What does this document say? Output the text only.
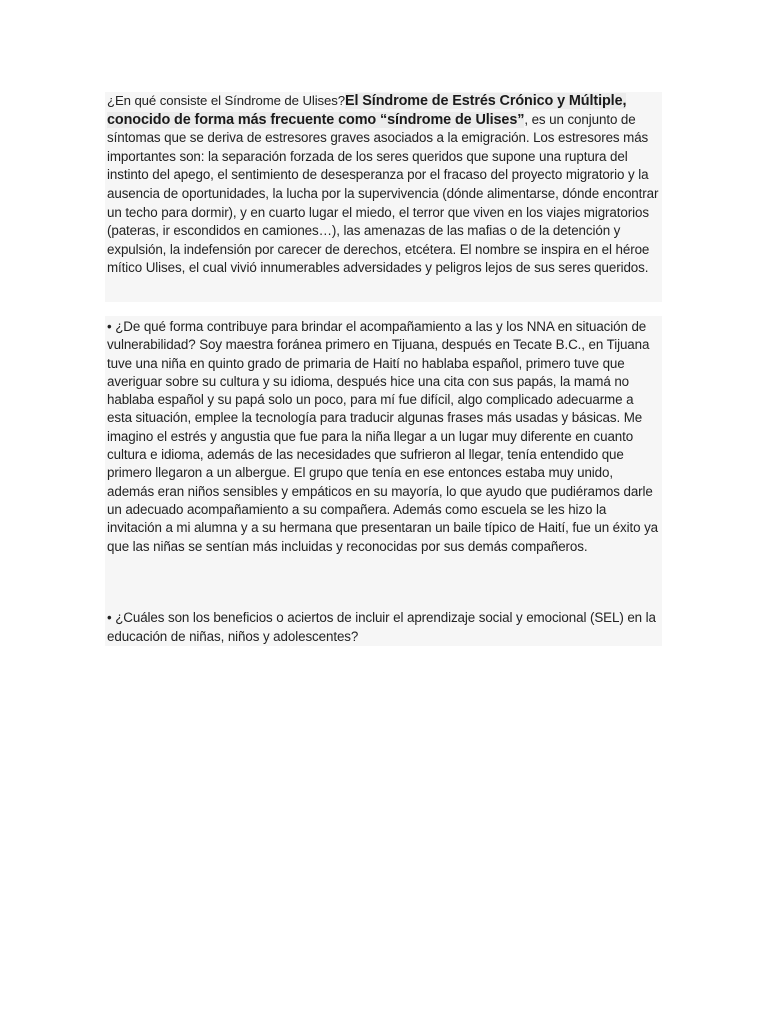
¿En qué consiste el Síndrome de Ulises?El Síndrome de Estrés Crónico y Múltiple, conocido de forma más frecuente como “síndrome de Ulises”, es un conjunto de síntomas que se deriva de estresores graves asociados a la emigración. Los estresores más importantes son: la separación forzada de los seres queridos que supone una ruptura del instinto del apego, el sentimiento de desesperanza por el fracaso del proyecto migratorio y la ausencia de oportunidades, la lucha por la supervivencia (dónde alimentarse, dónde encontrar un techo para dormir), y en cuarto lugar el miedo, el terror que viven en los viajes migratorios (pateras, ir escondidos en camiones…), las amenazas de las mafias o de la detención y expulsión, la indefensión por carecer de derechos, etcétera. El nombre se inspira en el héroe mítico Ulises, el cual vivió innumerables adversidades y peligros lejos de sus seres queridos.

• ¿De qué forma contribuye para brindar el acompañamiento a las y los NNA en situación de vulnerabilidad? Soy maestra foránea primero en Tijuana, después en Tecate B.C., en Tijuana tuve una niña en quinto grado de primaria de Haití no hablaba español, primero tuve que averiguar sobre su cultura y su idioma, después hice una cita con sus papás, la mamá no hablaba español y su papá solo un poco, para mí fue difícil, algo complicado adecuarme a esta situación, emplee la tecnología para traducir algunas frases más usadas y básicas. Me imagino el estrés y angustia que fue para la niña llegar a un lugar muy diferente en cuanto cultura e idioma, además de las necesidades que sufrieron al llegar, tenía entendido que primero llegaron a un albergue. El grupo que tenía en ese entonces estaba muy unido, además eran niños sensibles y empáticos en su mayoría, lo que ayudo que pudiéramos darle un adecuado acompañamiento a su compañera. Además como escuela se les hizo la invitación a mi alumna y a su hermana que presentaran un baile típico de Haití, fue un éxito ya que las niñas se sentían más incluidas y reconocidas por sus demás compañeros.

• ¿Cuáles son los beneficios o aciertos de incluir el aprendizaje social y emocional (SEL) en la educación de niñas, niños y adolescentes?
